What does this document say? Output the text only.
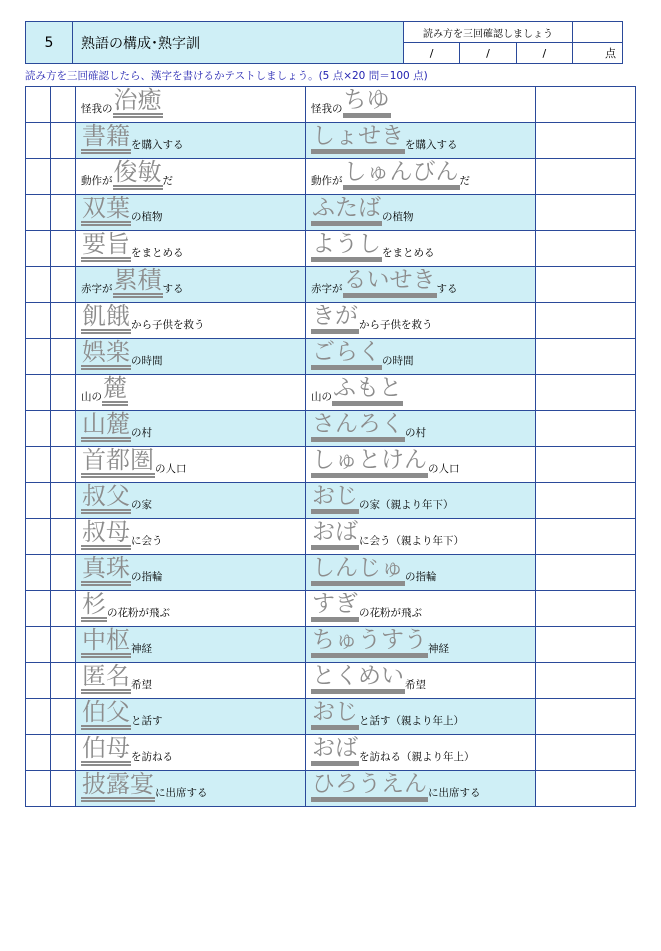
5	熟語の構成･熟字訓	読み方を三回確認しましょう			
		/	/	/	点
読み方を三回確認したら、漢字を書けるかテストしましょう。(5 点×20 問＝100 点)

		怪我の 治癒	怪我の ちゆ	

		書籍 を購入する	しょせき を購入する	

		動作が 俊敏 だ	動作が しゅんびん だ	

		双葉 の植物	ふたば の植物	

		要旨 をまとめる	ようし をまとめる	

		赤字が 累積 する	赤字が るいせき する	

		飢餓 から子供を救う	きが から子供を救う	

		娯楽 の時間	ごらく の時間	

		山の 麓	山の ふもと	

		山麓 の村	さんろく の村	

		首都圏 の人口	しゅとけん の人口	

		叔父 の家	おじ の家（親より年下）	

		叔母 に会う	おば に会う（親より年下）	

		真珠 の指輪	しんじゅ の指輪	

		杉 の花粉が飛ぶ	すぎ の花粉が飛ぶ	

		中枢 神経	ちゅうすう 神経	

		匿名 希望	とくめい 希望	

		伯父 と話す	おじ と話す（親より年上）	

		伯母 を訪ねる	おば を訪ねる（親より年上）	

		披露宴 に出席する	ひろうえん に出席する	
